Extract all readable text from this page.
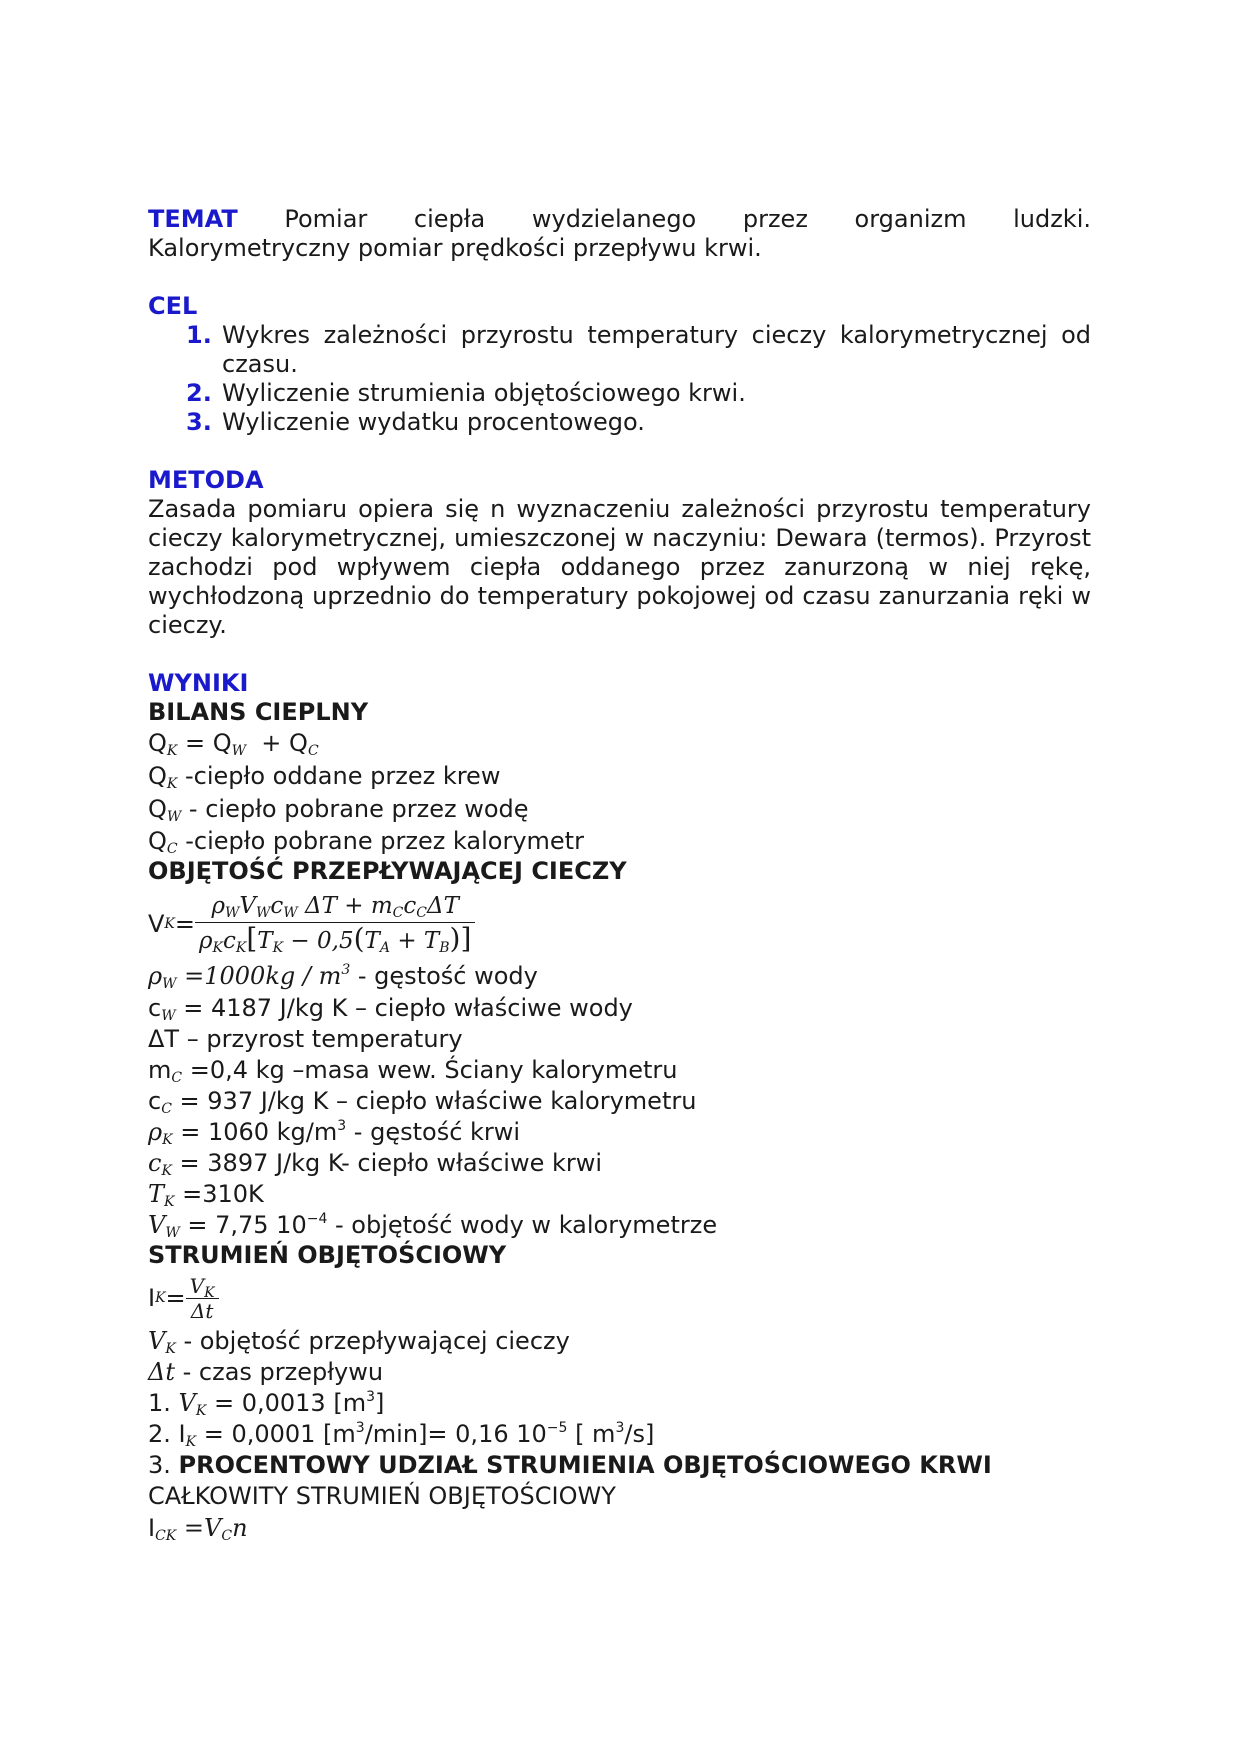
TEMAT Pomiar ciepła wydzielanego przez organizm ludzki.
Kalorymetryczny pomiar prędkości przepływu krwi.
CEL
1. Wykres zależności przyrostu temperatury cieczy kalorymetrycznej od czasu.
2. Wyliczenie strumienia objętościowego krwi.
3. Wyliczenie wydatku procentowego.
METODA

Zasada pomiaru opiera się n wyznaczeniu zależności przyrostu temperatury cieczy kalorymetrycznej, umieszczonej w naczyniu: Dewara (termos). Przyrost zachodzi pod wpływem ciepła oddanego przez zanurzoną w niej rękę, wychłodzoną uprzednio do temperatury pokojowej od czasu zanurzania ręki w cieczy.

WYNIKI
BILANS CIEPLNY
$Q_K = Q_W + Q_C$
$Q_K$ -ciepło oddane przez krew
$Q_W$ - ciepło pobrane przez wodę
$Q_C$ -ciepło pobrane przez kalorymetr
OBJĘTOŚĆ PRZEPŁYWAJĄCEJ CIECZY
V $K = \frac{\rho_WV_Wc_W \Delta T + m_Cc_C\Delta T}{\rho_Kc_K[T_K - 0,5(T_A + T_B)]}$
$\rho_W =1000kg / m^3$ - gęstość wody
$c_W = 4187$ J/kg K – ciepło właściwe wody
ΔT – przyrost temperatury
$m_C =0,4$ kg –masa wew. Ściany kalorymetru
$c_C = 937$ J/kg K – ciepło właściwe kalorymetru
$\rho_K = 1060$ $kg/m^3$ - gęstość krwi
$c_K = 3897$ J/kg K- ciepło właściwe krwi
$T_K =310K$
$V_W = 7,75$ $10^{-4}$ - objętość wody w kalorymetrze
STRUMIEŃ OBJĘTOŚCIOWY
I $K = \frac{V_K}{\Delta t}$
$V_K$ - objętość przepływającej cieczy
Δt - czas przepływu
1. $V_K = 0,0013$ $[m^3]$
2. $I_K = 0,0001$ $[m^3/\min]= 0,16$ $10^{-5}$ [ $m^3/s$]
3. PROCENTOWY UDZIAŁ STRUMIENIA OBJĘTOŚCIOWEGO KRWI
CAŁKOWITY STRUMIEŃ OBJĘTOŚCIOWY
$I_{CK} =V_Cn$
